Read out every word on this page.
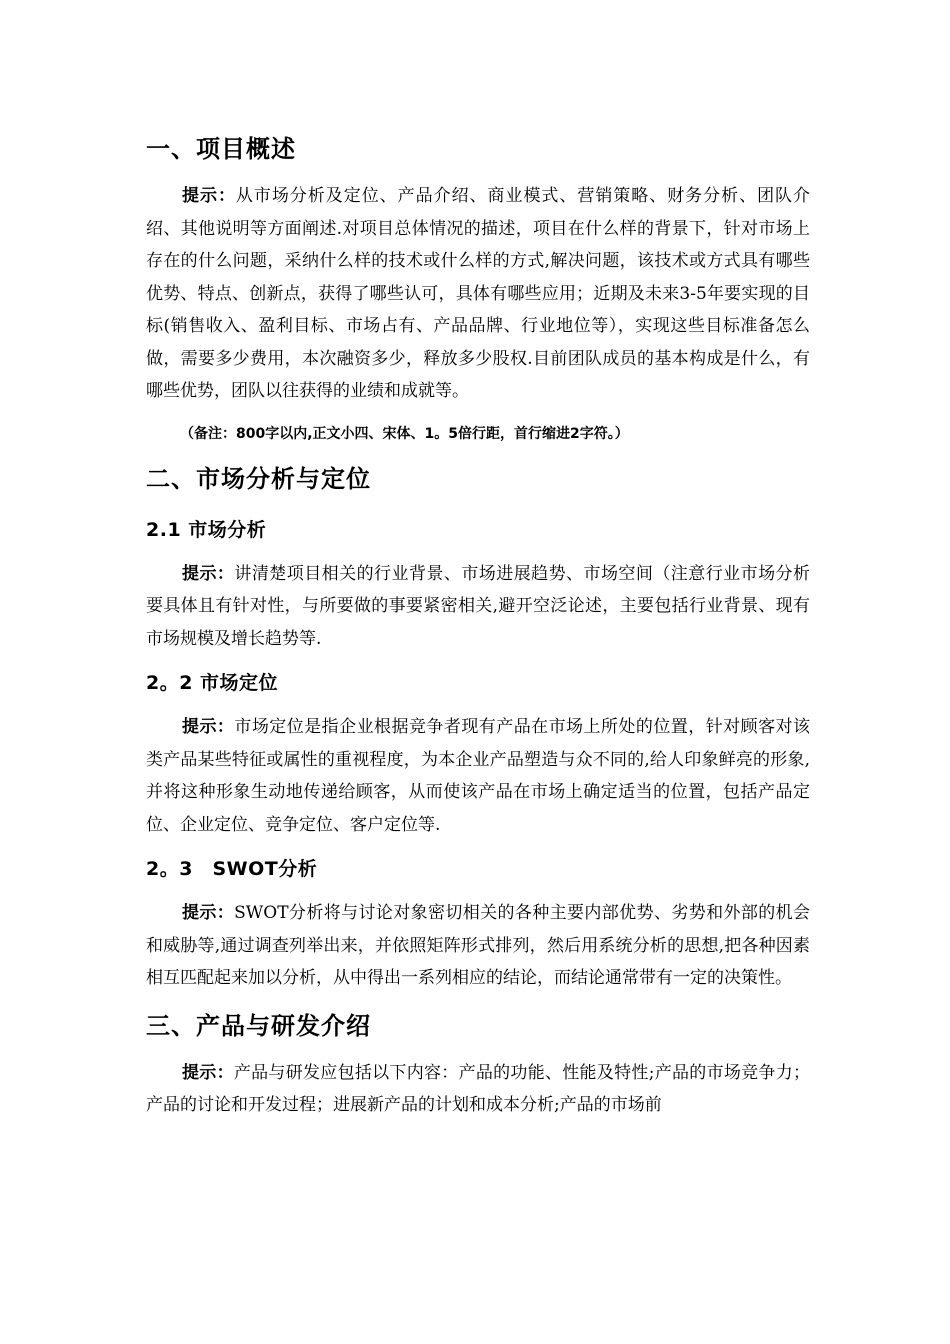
一、项目概述

提示：从市场分析及定位、产品介绍、商业模式、营销策略、财务分析、团队介绍、其他说明等方面阐述.对项目总体情况的描述，项目在什么样的背景下，针对市场上存在的什么问题，采纳什么样的技术或什么样的方式,解决问题，该技术或方式具有哪些优势、特点、创新点，获得了哪些认可，具体有哪些应用；近期及未来3-5年要实现的目标(销售收入、盈利目标、市场占有、产品品牌、行业地位等），实现这些目标准备怎么做，需要多少费用，本次融资多少，释放多少股权.目前团队成员的基本构成是什么，有哪些优势，团队以往获得的业绩和成就等。

（备注：800字以内,正文小四、宋体、1。5倍行距，首行缩进2字符。）

二、市场分析与定位
2.1 市场分析

提示：讲清楚项目相关的行业背景、市场进展趋势、市场空间（注意行业市场分析要具体且有针对性，与所要做的事要紧密相关,避开空泛论述，主要包括行业背景、现有市场规模及增长趋势等.

2。2 市场定位

提示：市场定位是指企业根据竞争者现有产品在市场上所处的位置，针对顾客对该类产品某些特征或属性的重视程度，为本企业产品塑造与众不同的,给人印象鲜亮的形象,并将这种形象生动地传递给顾客，从而使该产品在市场上确定适当的位置，包括产品定位、企业定位、竞争定位、客户定位等.

2。3　SWOT分析

提示：SWOT分析将与讨论对象密切相关的各种主要内部优势、劣势和外部的机会和威胁等,通过调查列举出来，并依照矩阵形式排列，然后用系统分析的思想,把各种因素相互匹配起来加以分析，从中得出一系列相应的结论，而结论通常带有一定的决策性。

三、产品与研发介绍

提示：产品与研发应包括以下内容：产品的功能、性能及特性;产品的市场竞争力；产品的讨论和开发过程；进展新产品的计划和成本分析;产品的市场前
